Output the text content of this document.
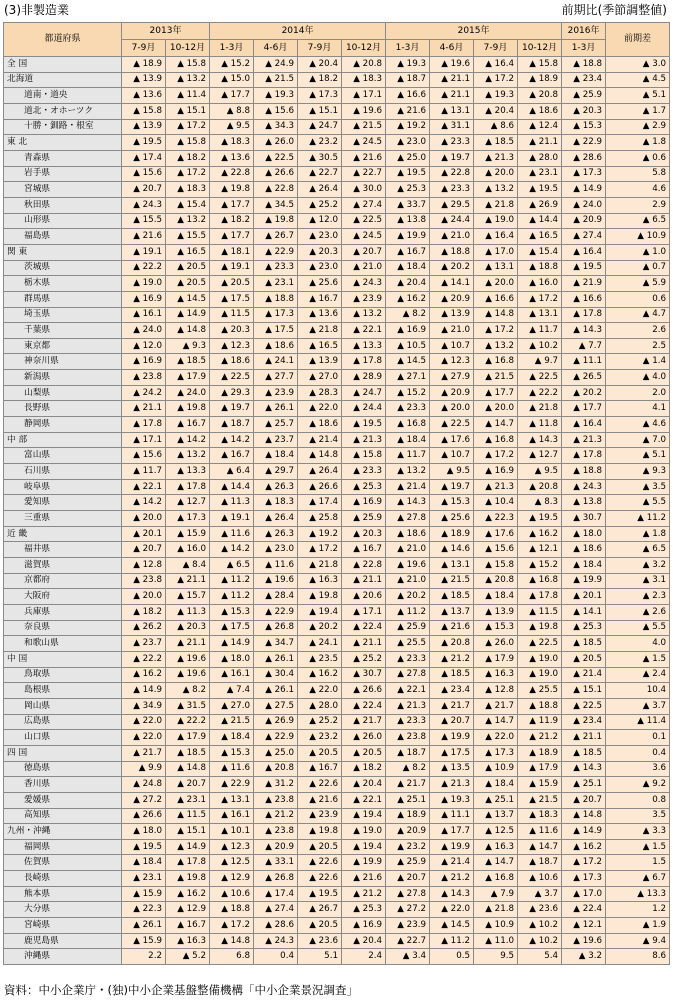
(3)非製造業	前期比(季節調整値)
都道府県	2013年		2014年				2015年				2016年	前期差
	7-9月	10-12月	1-3月	4-6月	7-9月	10-12月	1-3月	4-6月	7-9月	10-12月	1-3月	
全 国	▲ 18.9	▲ 15.8	▲ 15.2	▲ 24.9	▲ 20.4	▲ 20.8	▲ 19.3	▲ 19.6	▲ 16.4	▲ 15.8	▲ 18.8	▲ 3.0
北海道	▲ 13.9	▲ 13.2	▲ 15.0	▲ 21.5	▲ 18.2	▲ 18.3	▲ 18.7	▲ 21.1	▲ 17.2	▲ 18.9	▲ 23.4	▲ 4.5
道南・道央	▲ 13.6	▲ 11.4	▲ 17.7	▲ 19.3	▲ 17.3	▲ 17.1	▲ 16.6	▲ 21.1	▲ 19.3	▲ 20.8	▲ 25.9	▲ 5.1
道北・オホーツク	▲ 15.8	▲ 15.1	▲ 8.8	▲ 15.6	▲ 15.1	▲ 19.6	▲ 21.6	▲ 13.1	▲ 20.4	▲ 18.6	▲ 20.3	▲ 1.7
十勝・釧路・根室	▲ 13.9	▲ 17.2	▲ 9.5	▲ 34.3	▲ 24.7	▲ 21.5	▲ 19.2	▲ 31.1	▲ 8.6	▲ 12.4	▲ 15.3	▲ 2.9
東 北	▲ 19.5	▲ 15.8	▲ 18.3	▲ 26.0	▲ 23.2	▲ 24.5	▲ 23.0	▲ 23.3	▲ 18.5	▲ 21.1	▲ 22.9	▲ 1.8
青森県	▲ 17.4	▲ 18.2	▲ 13.6	▲ 22.5	▲ 30.5	▲ 21.6	▲ 25.0	▲ 19.7	▲ 21.3	▲ 28.0	▲ 28.6	▲ 0.6
岩手県	▲ 15.6	▲ 17.2	▲ 22.8	▲ 26.6	▲ 22.7	▲ 22.7	▲ 19.5	▲ 22.8	▲ 20.0	▲ 23.1	▲ 17.3	5.8
宮城県	▲ 20.7	▲ 18.3	▲ 19.8	▲ 22.8	▲ 26.4	▲ 30.0	▲ 25.3	▲ 23.3	▲ 13.2	▲ 19.5	▲ 14.9	4.6
秋田県	▲ 24.3	▲ 15.4	▲ 17.7	▲ 34.5	▲ 25.2	▲ 27.4	▲ 33.7	▲ 29.5	▲ 21.8	▲ 26.9	▲ 24.0	2.9
山形県	▲ 15.5	▲ 13.2	▲ 18.2	▲ 19.8	▲ 12.0	▲ 22.5	▲ 13.8	▲ 24.4	▲ 19.0	▲ 14.4	▲ 20.9	▲ 6.5
福島県	▲ 21.6	▲ 15.5	▲ 17.7	▲ 26.7	▲ 23.0	▲ 24.5	▲ 19.9	▲ 21.0	▲ 16.4	▲ 16.5	▲ 27.4	▲ 10.9
関 東	▲ 19.1	▲ 16.5	▲ 18.1	▲ 22.9	▲ 20.3	▲ 20.7	▲ 16.7	▲ 18.8	▲ 17.0	▲ 15.4	▲ 16.4	▲ 1.0
茨城県	▲ 22.2	▲ 20.5	▲ 19.1	▲ 23.3	▲ 23.0	▲ 21.0	▲ 18.4	▲ 20.2	▲ 13.1	▲ 18.8	▲ 19.5	▲ 0.7
栃木県	▲ 19.0	▲ 20.5	▲ 20.5	▲ 23.1	▲ 25.6	▲ 24.3	▲ 20.4	▲ 14.1	▲ 20.0	▲ 16.0	▲ 21.9	▲ 5.9
群馬県	▲ 16.9	▲ 14.5	▲ 17.5	▲ 18.8	▲ 16.7	▲ 23.9	▲ 16.2	▲ 20.9	▲ 16.6	▲ 17.2	▲ 16.6	0.6
埼玉県	▲ 16.1	▲ 14.9	▲ 11.5	▲ 17.3	▲ 13.6	▲ 13.2	▲ 8.2	▲ 13.9	▲ 14.8	▲ 13.1	▲ 17.8	▲ 4.7
千葉県	▲ 24.0	▲ 14.8	▲ 20.3	▲ 17.5	▲ 21.8	▲ 22.1	▲ 16.9	▲ 21.0	▲ 17.2	▲ 11.7	▲ 14.3	2.6
東京都	▲ 12.0	▲ 9.3	▲ 12.3	▲ 18.6	▲ 16.5	▲ 13.3	▲ 10.5	▲ 10.7	▲ 13.2	▲ 10.2	▲ 7.7	2.5
神奈川県	▲ 16.9	▲ 18.5	▲ 18.6	▲ 24.1	▲ 13.9	▲ 17.8	▲ 14.5	▲ 12.3	▲ 16.8	▲ 9.7	▲ 11.1	▲ 1.4
新潟県	▲ 23.8	▲ 17.9	▲ 22.5	▲ 27.7	▲ 27.0	▲ 28.9	▲ 27.1	▲ 27.9	▲ 21.5	▲ 22.5	▲ 26.5	▲ 4.0
山梨県	▲ 24.2	▲ 24.0	▲ 29.3	▲ 23.9	▲ 28.3	▲ 24.7	▲ 15.2	▲ 20.9	▲ 17.7	▲ 22.2	▲ 20.2	2.0
長野県	▲ 21.1	▲ 19.8	▲ 19.7	▲ 26.1	▲ 22.0	▲ 24.4	▲ 23.3	▲ 20.0	▲ 20.0	▲ 21.8	▲ 17.7	4.1
静岡県	▲ 17.8	▲ 16.7	▲ 18.7	▲ 25.7	▲ 18.6	▲ 19.5	▲ 16.8	▲ 22.5	▲ 14.7	▲ 11.8	▲ 16.4	▲ 4.6
中 部	▲ 17.1	▲ 14.2	▲ 14.2	▲ 23.7	▲ 21.4	▲ 21.3	▲ 18.4	▲ 17.6	▲ 16.8	▲ 14.3	▲ 21.3	▲ 7.0
富山県	▲ 15.6	▲ 13.2	▲ 16.7	▲ 18.4	▲ 14.8	▲ 15.8	▲ 11.7	▲ 10.7	▲ 17.2	▲ 12.7	▲ 17.8	▲ 5.1
石川県	▲ 11.7	▲ 13.3	▲ 6.4	▲ 29.7	▲ 26.4	▲ 23.3	▲ 13.2	▲ 9.5	▲ 16.9	▲ 9.5	▲ 18.8	▲ 9.3
岐阜県	▲ 22.1	▲ 17.8	▲ 14.4	▲ 26.3	▲ 26.6	▲ 25.3	▲ 21.4	▲ 19.7	▲ 21.3	▲ 20.8	▲ 24.3	▲ 3.5
愛知県	▲ 14.2	▲ 12.7	▲ 11.3	▲ 18.3	▲ 17.4	▲ 16.9	▲ 14.3	▲ 15.3	▲ 10.4	▲ 8.3	▲ 13.8	▲ 5.5
三重県	▲ 20.0	▲ 17.3	▲ 19.1	▲ 26.4	▲ 25.8	▲ 25.9	▲ 27.8	▲ 25.6	▲ 22.3	▲ 19.5	▲ 30.7	▲ 11.2
近 畿	▲ 20.1	▲ 15.9	▲ 11.6	▲ 26.3	▲ 19.2	▲ 20.3	▲ 18.6	▲ 18.9	▲ 17.6	▲ 16.2	▲ 18.0	▲ 1.8
福井県	▲ 20.7	▲ 16.0	▲ 14.2	▲ 23.0	▲ 17.2	▲ 16.7	▲ 21.0	▲ 14.6	▲ 15.6	▲ 12.1	▲ 18.6	▲ 6.5
滋賀県	▲ 12.8	▲ 8.4	▲ 6.5	▲ 11.6	▲ 21.8	▲ 22.8	▲ 19.6	▲ 13.1	▲ 15.8	▲ 15.2	▲ 18.4	▲ 3.2
京都府	▲ 23.8	▲ 21.1	▲ 11.2	▲ 19.6	▲ 16.3	▲ 21.1	▲ 21.0	▲ 21.5	▲ 20.8	▲ 16.8	▲ 19.9	▲ 3.1
大阪府	▲ 20.0	▲ 15.7	▲ 11.2	▲ 28.4	▲ 19.8	▲ 20.6	▲ 20.2	▲ 18.5	▲ 18.4	▲ 17.8	▲ 20.1	▲ 2.3
兵庫県	▲ 18.2	▲ 11.3	▲ 15.3	▲ 22.9	▲ 19.4	▲ 17.1	▲ 11.2	▲ 13.7	▲ 13.9	▲ 11.5	▲ 14.1	▲ 2.6
奈良県	▲ 26.2	▲ 20.3	▲ 17.5	▲ 26.8	▲ 20.2	▲ 22.4	▲ 25.9	▲ 21.6	▲ 15.3	▲ 19.8	▲ 25.3	▲ 5.5
和歌山県	▲ 23.7	▲ 21.1	▲ 14.9	▲ 34.7	▲ 24.1	▲ 21.1	▲ 25.5	▲ 20.8	▲ 26.0	▲ 22.5	▲ 18.5	4.0
中 国	▲ 22.2	▲ 19.6	▲ 18.0	▲ 26.1	▲ 23.5	▲ 25.2	▲ 23.3	▲ 21.2	▲ 17.9	▲ 19.0	▲ 20.5	▲ 1.5
鳥取県	▲ 16.2	▲ 19.6	▲ 16.1	▲ 30.4	▲ 16.2	▲ 30.7	▲ 27.8	▲ 18.5	▲ 16.3	▲ 19.0	▲ 21.4	▲ 2.4
島根県	▲ 14.9	▲ 8.2	▲ 7.4	▲ 26.1	▲ 22.0	▲ 26.6	▲ 22.1	▲ 23.4	▲ 12.8	▲ 25.5	▲ 15.1	10.4
岡山県	▲ 34.9	▲ 31.5	▲ 27.0	▲ 27.5	▲ 28.0	▲ 22.4	▲ 21.3	▲ 21.7	▲ 21.7	▲ 18.8	▲ 22.5	▲ 3.7
広島県	▲ 22.0	▲ 22.2	▲ 21.5	▲ 26.9	▲ 25.2	▲ 21.7	▲ 23.3	▲ 20.7	▲ 14.7	▲ 11.9	▲ 23.4	▲ 11.4
山口県	▲ 22.0	▲ 17.9	▲ 18.4	▲ 22.9	▲ 23.2	▲ 26.0	▲ 23.8	▲ 19.9	▲ 22.0	▲ 21.2	▲ 21.1	0.1
四 国	▲ 21.7	▲ 18.5	▲ 15.3	▲ 25.0	▲ 20.5	▲ 20.5	▲ 18.7	▲ 17.5	▲ 17.3	▲ 18.9	▲ 18.5	0.4
徳島県	▲ 9.9	▲ 14.8	▲ 11.6	▲ 20.8	▲ 16.7	▲ 18.2	▲ 8.2	▲ 13.5	▲ 10.9	▲ 17.9	▲ 14.3	3.6
香川県	▲ 24.8	▲ 20.7	▲ 22.9	▲ 31.2	▲ 22.6	▲ 20.4	▲ 21.7	▲ 21.3	▲ 18.4	▲ 15.9	▲ 25.1	▲ 9.2
愛媛県	▲ 27.2	▲ 23.1	▲ 13.1	▲ 23.8	▲ 21.6	▲ 22.1	▲ 25.1	▲ 19.3	▲ 25.1	▲ 21.5	▲ 20.7	0.8
高知県	▲ 26.6	▲ 11.5	▲ 16.1	▲ 21.2	▲ 23.9	▲ 19.4	▲ 18.9	▲ 11.1	▲ 13.7	▲ 18.3	▲ 14.8	3.5
九州・沖縄	▲ 18.0	▲ 15.1	▲ 10.1	▲ 23.8	▲ 19.8	▲ 19.0	▲ 20.9	▲ 17.7	▲ 12.5	▲ 11.6	▲ 14.9	▲ 3.3
福岡県	▲ 19.5	▲ 14.9	▲ 12.3	▲ 20.9	▲ 20.5	▲ 19.4	▲ 23.2	▲ 19.9	▲ 16.3	▲ 14.7	▲ 16.2	▲ 1.5
佐賀県	▲ 18.4	▲ 17.8	▲ 12.5	▲ 33.1	▲ 22.6	▲ 19.9	▲ 25.9	▲ 21.4	▲ 14.7	▲ 18.7	▲ 17.2	1.5
長崎県	▲ 23.1	▲ 19.8	▲ 12.9	▲ 26.8	▲ 22.6	▲ 21.6	▲ 20.7	▲ 21.2	▲ 16.8	▲ 10.6	▲ 17.3	▲ 6.7
熊本県	▲ 15.9	▲ 16.2	▲ 10.6	▲ 17.4	▲ 19.5	▲ 21.2	▲ 27.8	▲ 14.3	▲ 7.9	▲ 3.7	▲ 17.0	▲ 13.3
大分県	▲ 22.3	▲ 12.9	▲ 18.8	▲ 27.4	▲ 26.7	▲ 25.3	▲ 27.2	▲ 22.0	▲ 21.8	▲ 23.6	▲ 22.4	1.2
宮崎県	▲ 26.1	▲ 16.7	▲ 17.2	▲ 28.6	▲ 20.5	▲ 16.9	▲ 23.9	▲ 14.5	▲ 10.9	▲ 10.2	▲ 12.1	▲ 1.9
鹿児島県	▲ 15.9	▲ 16.3	▲ 14.8	▲ 24.3	▲ 23.6	▲ 20.4	▲ 22.7	▲ 11.2	▲ 11.0	▲ 10.2	▲ 19.6	▲ 9.4
沖縄県	2.2	▲ 5.2	6.8	0.4	5.1	2.4	▲ 3.4	0.5	9.5	5.4	▲ 3.2	8.6
資料：中小企業庁・(独)中小企業基盤整備機構「中小企業景況調査」
